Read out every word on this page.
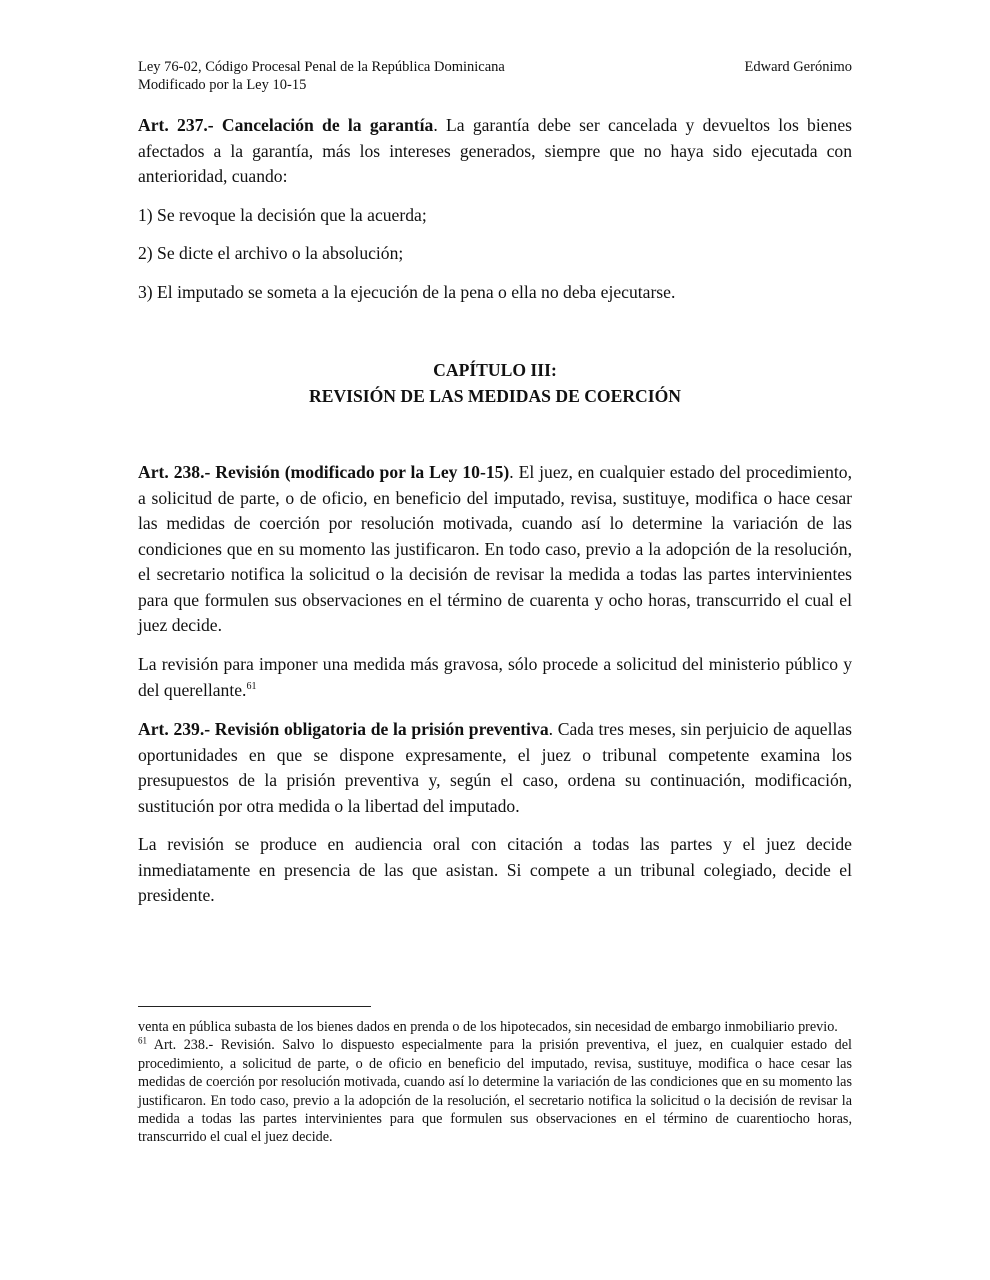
Ley 76-02, Código Procesal Penal de la República Dominicana
Modificado por la Ley 10-15
Edward Gerónimo

Art. 237.- Cancelación de la garantía. La garantía debe ser cancelada y devueltos los bienes afectados a la garantía, más los intereses generados, siempre que no haya sido ejecutada con anterioridad, cuando:

1) Se revoque la decisión que la acuerda;

2) Se dicte el archivo o la absolución;

3) El imputado se someta a la ejecución de la pena o ella no deba ejecutarse.

CAPÍTULO III:
REVISIÓN DE LAS MEDIDAS DE COERCIÓN

Art. 238.- Revisión (modificado por la Ley 10-15). El juez, en cualquier estado del procedimiento, a solicitud de parte, o de oficio, en beneficio del imputado, revisa, sustituye, modifica o hace cesar las medidas de coerción por resolución motivada, cuando así lo determine la variación de las condiciones que en su momento las justificaron. En todo caso, previo a la adopción de la resolución, el secretario notifica la solicitud o la decisión de revisar la medida a todas las partes intervinientes para que formulen sus observaciones en el término de cuarenta y ocho horas, transcurrido el cual el juez decide.

La revisión para imponer una medida más gravosa, sólo procede a solicitud del ministerio público y del querellante.$^{61}$

Art. 239.- Revisión obligatoria de la prisión preventiva. Cada tres meses, sin perjuicio de aquellas oportunidades en que se dispone expresamente, el juez o tribunal competente examina los presupuestos de la prisión preventiva y, según el caso, ordena su continuación, modificación, sustitución por otra medida o la libertad del imputado.

La revisión se produce en audiencia oral con citación a todas las partes y el juez decide inmediatamente en presencia de las que asistan. Si compete a un tribunal colegiado, decide el presidente.

venta en pública subasta de los bienes dados en prenda o de los hipotecados, sin necesidad de embargo inmobiliario previo.

$^{61}$ Art. 238.- Revisión. Salvo lo dispuesto especialmente para la prisión preventiva, el juez, en cualquier estado del procedimiento, a solicitud de parte, o de oficio en beneficio del imputado, revisa, sustituye, modifica o hace cesar las medidas de coerción por resolución motivada, cuando así lo determine la variación de las condiciones que en su momento las justificaron. En todo caso, previo a la adopción de la resolución, el secretario notifica la solicitud o la decisión de revisar la medida a todas las partes intervinientes para que formulen sus observaciones en el término de cuarentiocho horas, transcurrido el cual el juez decide.
